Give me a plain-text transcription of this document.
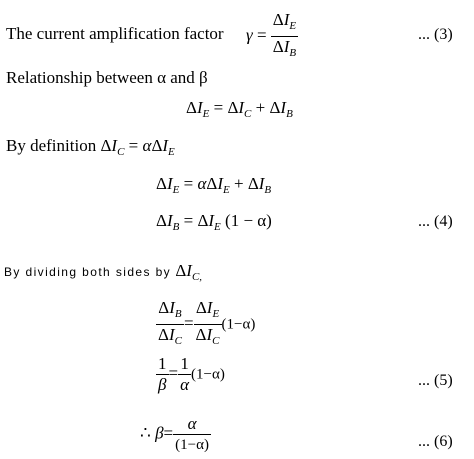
The current amplification factor $\gamma = \frac{\Delta I_E}{\Delta I_B}$	... (3)
Relationship between α and β
$\Delta I_E = \Delta I_C + \Delta I_B$
By definition $\Delta I_C = \alpha\Delta I_E$
$\Delta I_E = \alpha\Delta I_E + \Delta I_B$
$\Delta I_B = \Delta I_E$ (1 − α)	... (4)
By dividing both sides by $\Delta I_{C,}$
$\frac{\Delta I_B}{\Delta I_C} = \frac{\Delta I_E}{\Delta I_C} (1-\alpha)$
$\frac{1}{\beta} = \frac{1}{\alpha} (1-\alpha)$	... (5)
∴ $\beta= \frac{\alpha}{(1-\alpha)}$	... (6)
